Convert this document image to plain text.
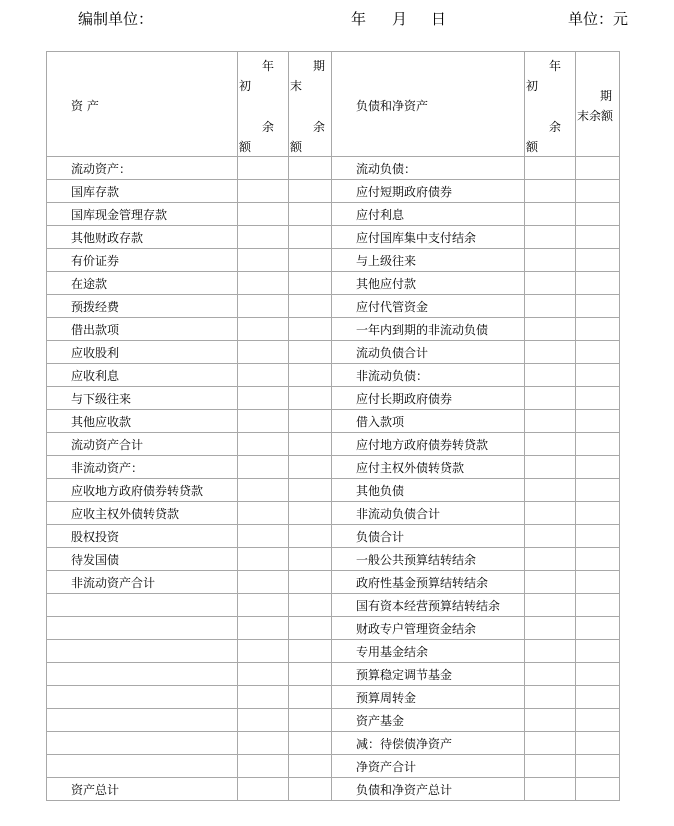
编制单位：	年 月 日	单位：元
资 产	年
初
余
额	期
末
余
额	负债和净资产	年
初
余
额	期
末余额

流动资产：			流动负债：		
国库存款			应付短期政府债券		
国库现金管理存款			应付利息		
其他财政存款			应付国库集中支付结余		
有价证券			与上级往来		
在途款			其他应付款		
预拨经费			应付代管资金		
借出款项			一年内到期的非流动负债		
应收股利			流动负债合计		
应收利息			非流动负债：		
与下级往来			应付长期政府债券		
其他应收款			借入款项		
流动资产合计			应付地方政府债券转贷款		
非流动资产：			应付主权外债转贷款		
应收地方政府债券转贷款			其他负债		
应收主权外债转贷款			非流动负债合计		
股权投资			负债合计		
待发国债			一般公共预算结转结余		
非流动资产合计			政府性基金预算结转结余		
			国有资本经营预算结转结余		
			财政专户管理资金结余		
			专用基金结余		
			预算稳定调节基金		
			预算周转金		
			资产基金		
			减：待偿债净资产		
			净资产合计		
资产总计			负债和净资产总计		
